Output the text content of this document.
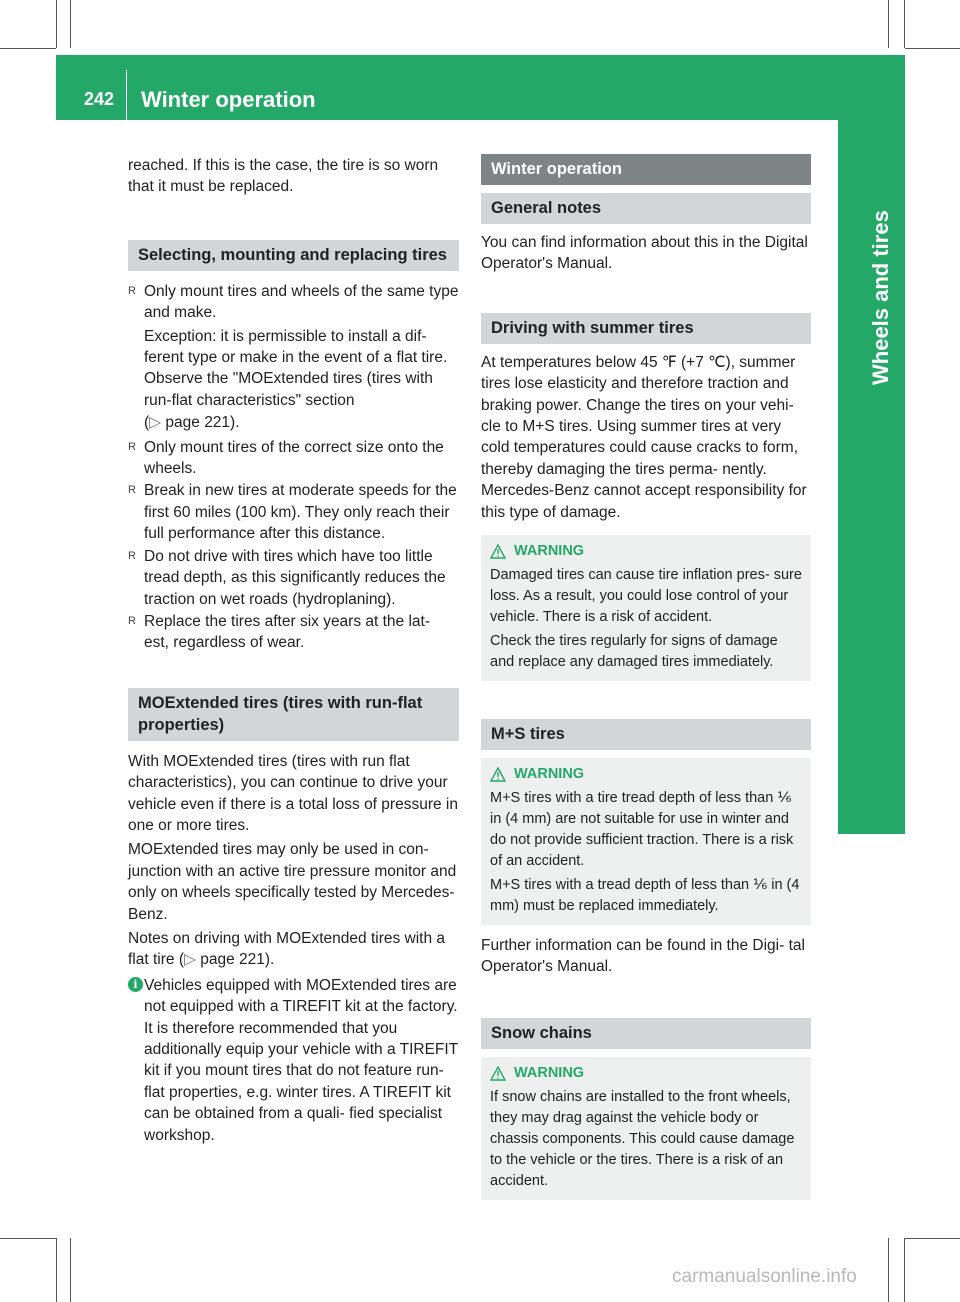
242 Winter operation
Wheels and tires

reached. If this is the case, the tire is so worn that it must be replaced.

Selecting, mounting and replacing tires
R Only mount tires and wheels of the same type and make.

Exception: it is permissible to install a dif- ferent type or make in the event of a flat tire. Observe the "MOExtended tires (tires with run-flat characteristics" section

(▷ page 221).

R Only mount tires of the correct size onto the wheels.
R Break in new tires at moderate speeds for the first 60 miles (100 km). They only reach their full performance after this distance.
R Do not drive with tires which have too little tread depth, as this significantly reduces the traction on wet roads (hydroplaning).
R Replace the tires after six years at the lat- est, regardless of wear.
MOExtended tires (tires with run-flat properties)

With MOExtended tires (tires with run flat characteristics), you can continue to drive your vehicle even if there is a total loss of pressure in one or more tires.

MOExtended tires may only be used in con- junction with an active tire pressure monitor and only on wheels specifically tested by Mercedes-Benz.

Notes on driving with MOExtended tires with a flat tire (▷ page 221).

i Vehicles equipped with MOExtended tires are not equipped with a TIREFIT kit at the factory. It is therefore recommended that you additionally equip your vehicle with a TIREFIT kit if you mount tires that do not feature run-flat properties, e.g. winter tires. A TIREFIT kit can be obtained from a quali- fied specialist workshop.
Winter operation
General notes

You can find information about this in the Digital Operator's Manual.

Driving with summer tires

At temperatures below 45 ℉ (+7 ℃), summer tires lose elasticity and therefore traction and braking power. Change the tires on your vehi- cle to M+S tires. Using summer tires at very cold temperatures could cause cracks to form, thereby damaging the tires perma- nently. Mercedes-Benz cannot accept responsibility for this type of damage.

WARNING

Damaged tires can cause tire inflation pres- sure loss. As a result, you could lose control of your vehicle. There is a risk of accident.

Check the tires regularly for signs of damage and replace any damaged tires immediately.

M+S tires
WARNING

M+S tires with a tire tread depth of less than ⅙ in (4 mm) are not suitable for use in winter and do not provide sufficient traction. There is a risk of an accident.

M+S tires with a tread depth of less than ⅙ in (4 mm) must be replaced immediately.

Further information can be found in the Digi- tal Operator's Manual.

Snow chains
WARNING

If snow chains are installed to the front wheels, they may drag against the vehicle body or chassis components. This could cause damage to the vehicle or the tires. There is a risk of an accident.

carmanualsonline.info
